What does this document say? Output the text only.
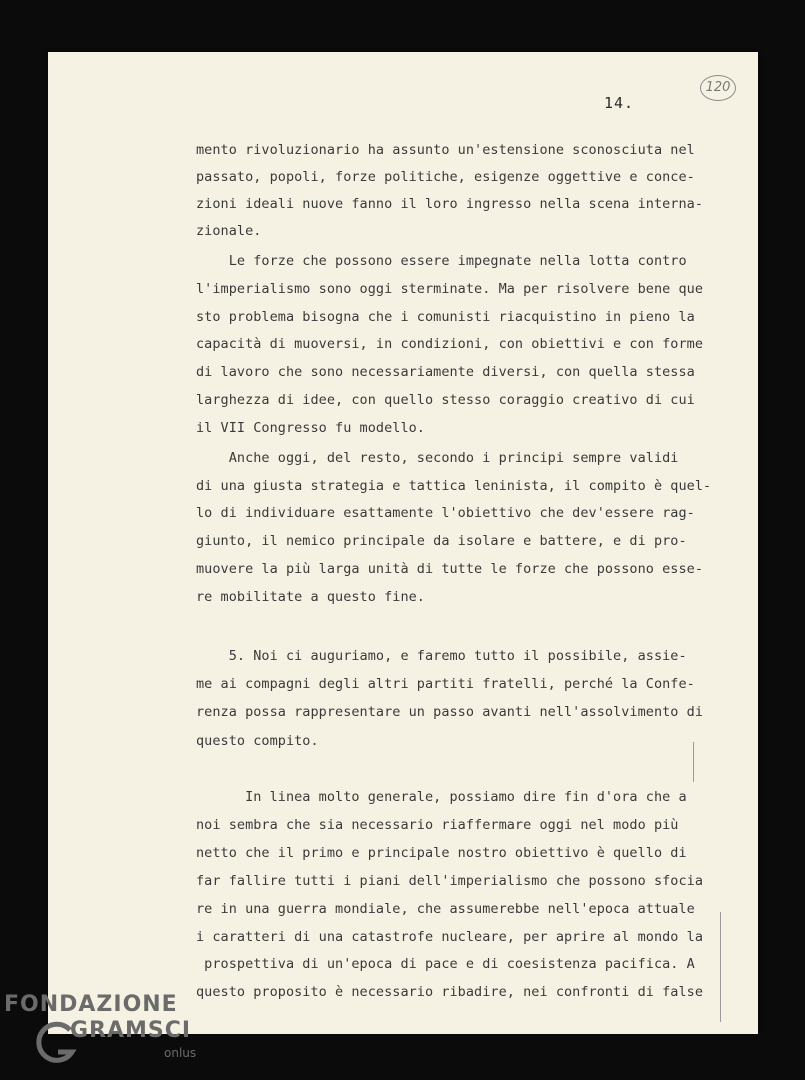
14.
120
mento rivoluzionario ha assunto un'estensione sconosciuta nel
passato, popoli, forze politiche, esigenze oggettive e conce-
zioni ideali nuove fanno il loro ingresso nella scena interna-
zionale.
Le forze che possono essere impegnate nella lotta contro
l'imperialismo sono oggi sterminate. Ma per risolvere bene que
sto problema bisogna che i comunisti riacquistino in pieno la
capacità di muoversi, in condizioni, con obiettivi e con forme
di lavoro che sono necessariamente diversi, con quella stessa
larghezza di idee, con quello stesso coraggio creativo di cui
il VII Congresso fu modello.
Anche oggi, del resto, secondo i principi sempre validi
di una giusta strategia e tattica leninista, il compito è quel-
lo di individuare esattamente l'obiettivo che dev'essere rag-
giunto, il nemico principale da isolare e battere, e di pro-
muovere la più larga unità di tutte le forze che possono esse-
re mobilitate a questo fine.
5. Noi ci auguriamo, e faremo tutto il possibile, assie-
me ai compagni degli altri partiti fratelli, perché la Confe-
renza possa rappresentare un passo avanti nell'assolvimento di
questo compito.
In linea molto generale, possiamo dire fin d'ora che a
noi sembra che sia necessario riaffermare oggi nel modo più
netto che il primo e principale nostro obiettivo è quello di
far fallire tutti i piani dell'imperialismo che possono sfocia
re in una guerra mondiale, che assumerebbe nell'epoca attuale
i caratteri di una catastrofe nucleare, per aprire al mondo la
prospettiva di un'epoca di pace e di coesistenza pacifica. A
questo proposito è necessario ribadire, nei confronti di false
FONDAZIONE
GRAMSCI
onlus
